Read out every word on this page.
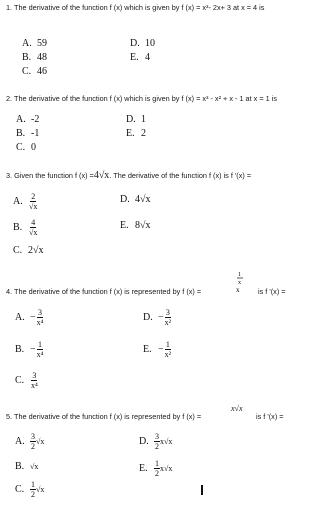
1. The derivative of the function f (x) which is given by f (x) = x³- 2x+ 3 at x = 4 is
A. 59
B. 48
C. 46
D. 10
E. 4
2. The derivative of the function f (x) which is given by f (x) = x³ - x² + x - 1 at x = 1 is
A. -2
B. -1
C. 0
D. 1
E. 2
3. Given the function f (x) =4√x. The derivative of the function f (x) is f '(x) =
A. $\frac{2}{√x}$
B. $\frac{4}{√x}$
C. 2√x
D. 4√x
E. 8√x
4. The derivative of the function f (x) is represented by f (x) =
1
x
x	is f '(x) =
A. − $\frac{3}{\text{x⁴}}$
B. − $\frac{1}{\text{x⁴}}$
C. $\frac{3}{\text{x⁴}}$
D. − $\frac{3}{\text{x²}}$
E. − $\frac{1}{\text{x²}}$
5. The derivative of the function f (x) is represented by f (x) =
x√x
is f '(x) =
A. $\frac{3}{2} √x$
B. √x
C. $\frac{1}{2} √x$
D. $\frac{3}{2} x√x$
E. $\frac{1}{2} x√x$
